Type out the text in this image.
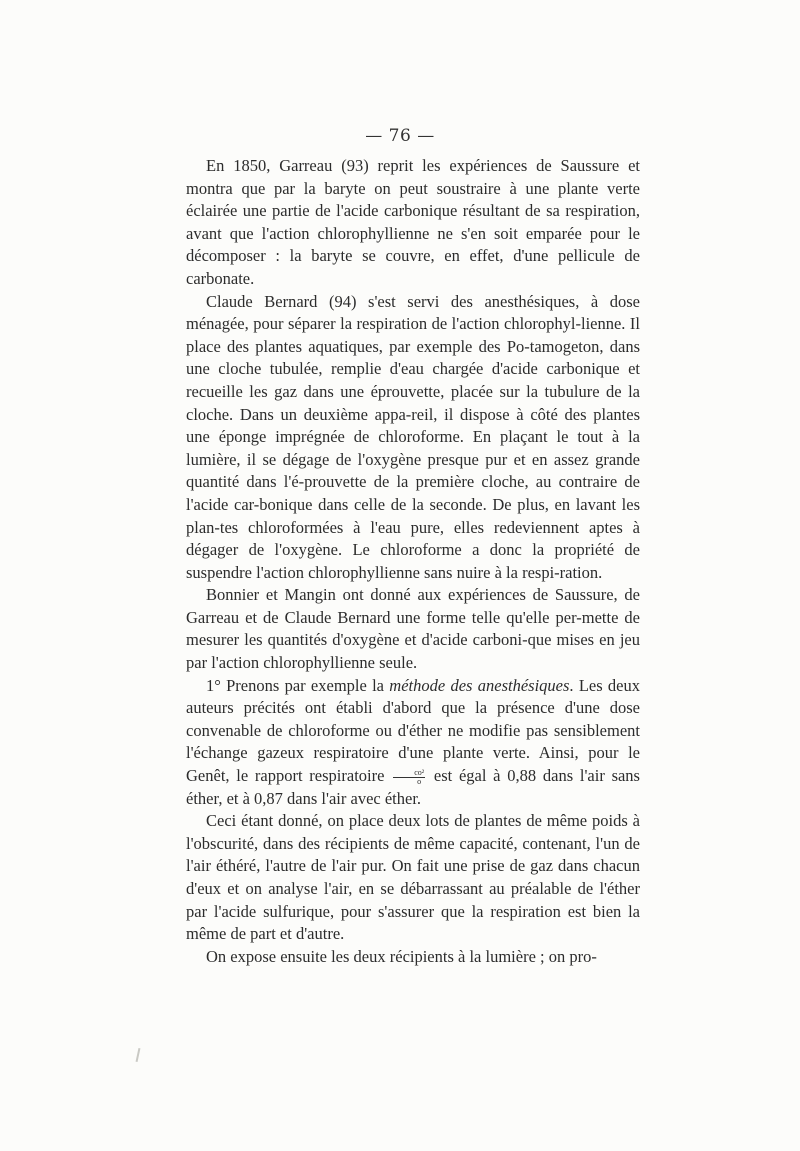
— 76 —

En 1850, Garreau (93) reprit les expériences de Saussure et montra que par la baryte on peut soustraire à une plante verte éclairée une partie de l'acide carbonique résultant de sa respiration, avant que l'action chlorophyllienne ne s'en soit emparée pour le décomposer : la baryte se couvre, en effet, d'une pellicule de carbonate.

Claude Bernard (94) s'est servi des anesthésiques, à dose ménagée, pour séparer la respiration de l'action chlorophyl-lienne. Il place des plantes aquatiques, par exemple des Po-tamogeton, dans une cloche tubulée, remplie d'eau chargée d'acide carbonique et recueille les gaz dans une éprouvette, placée sur la tubulure de la cloche. Dans un deuxième appa-reil, il dispose à côté des plantes une éponge imprégnée de chloroforme. En plaçant le tout à la lumière, il se dégage de l'oxygène presque pur et en assez grande quantité dans l'é-prouvette de la première cloche, au contraire de l'acide car-bonique dans celle de la seconde. De plus, en lavant les plan-tes chloroformées à l'eau pure, elles redeviennent aptes à dégager de l'oxygène. Le chloroforme a donc la propriété de suspendre l'action chlorophyllienne sans nuire à la respi-ration.

Bonnier et Mangin ont donné aux expériences de Saussure, de Garreau et de Claude Bernard une forme telle qu'elle per-mette de mesurer les quantités d'oxygène et d'acide carboni-que mises en jeu par l'action chlorophyllienne seule.

1° Prenons par exemple la méthode des anesthésiques. Les deux auteurs précités ont établi d'abord que la présence d'une dose convenable de chloroforme ou d'éther ne modifie pas sensiblement l'échange gazeux respiratoire d'une plante verte. Ainsi, pour le Genêt, le rapport respiratoire $\frac{\text{co²}}{o}$ est égal à 0,88 dans l'air sans éther, et à 0,87 dans l'air avec éther.

Ceci étant donné, on place deux lots de plantes de même poids à l'obscurité, dans des récipients de même capacité, contenant, l'un de l'air éthéré, l'autre de l'air pur. On fait une prise de gaz dans chacun d'eux et on analyse l'air, en se débarrassant au préalable de l'éther par l'acide sulfurique, pour s'assurer que la respiration est bien la même de part et d'autre.

On expose ensuite les deux récipients à la lumière ; on pro-
